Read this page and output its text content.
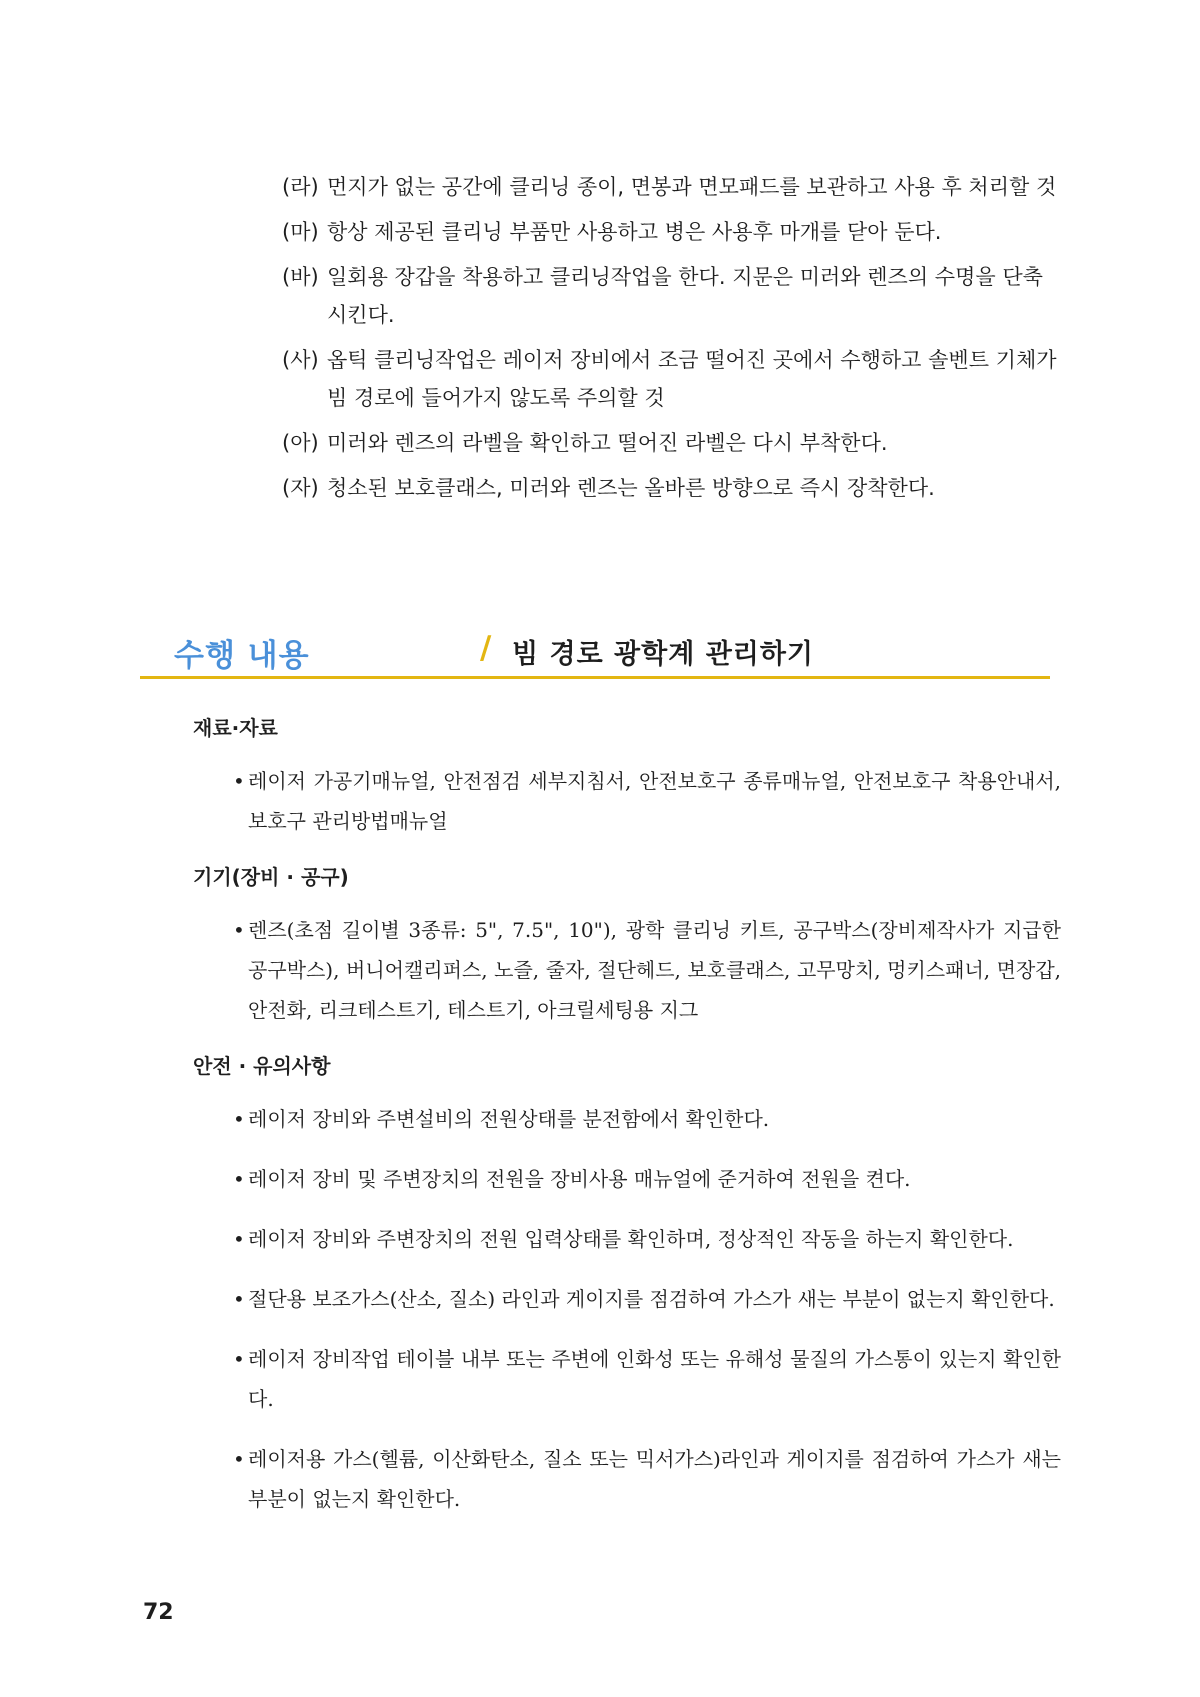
(라) 먼지가 없는 공간에 클리닝 종이, 면봉과 면모패드를 보관하고 사용 후 처리할 것
(마) 항상 제공된 클리닝 부품만 사용하고 병은 사용후 마개를 닫아 둔다.
(바) 일회용 장갑을 착용하고 클리닝작업을 한다. 지문은 미러와 렌즈의 수명을 단축시킨다.
(사) 옵틱 클리닝작업은 레이저 장비에서 조금 떨어진 곳에서 수행하고 솔벤트 기체가 빔 경로에 들어가지 않도록 주의할 것
(아) 미러와 렌즈의 라벨을 확인하고 떨어진 라벨은 다시 부착한다.
(자) 청소된 보호클래스, 미러와 렌즈는 올바른 방향으로 즉시 장착한다.
수행 내용	/ 빔 경로 광학계 관리하기
재료·자료
• 레이저 가공기매뉴얼, 안전점검 세부지침서, 안전보호구 종류매뉴얼, 안전보호구 착용안내서, 보호구 관리방법매뉴얼
기기(장비 · 공구)
• 렌즈(초점 길이별 3종류: 5", 7.5", 10"), 광학 클리닝 키트, 공구박스(장비제작사가 지급한 공구박스), 버니어캘리퍼스, 노즐, 줄자, 절단헤드, 보호클래스, 고무망치, 멍키스패너, 면장갑, 안전화, 리크테스트기, 테스트기, 아크릴세팅용 지그
안전 · 유의사항
• 레이저 장비와 주변설비의 전원상태를 분전함에서 확인한다.
• 레이저 장비 및 주변장치의 전원을 장비사용 매뉴얼에 준거하여 전원을 켠다.
• 레이저 장비와 주변장치의 전원 입력상태를 확인하며, 정상적인 작동을 하는지 확인한다.
• 절단용 보조가스(산소, 질소) 라인과 게이지를 점검하여 가스가 새는 부분이 없는지 확인한다.
• 레이저 장비작업 테이블 내부 또는 주변에 인화성 또는 유해성 물질의 가스통이 있는지 확인한다.
• 레이저용 가스(헬륨, 이산화탄소, 질소 또는 믹서가스)라인과 게이지를 점검하여 가스가 새는 부분이 없는지 확인한다.
72
